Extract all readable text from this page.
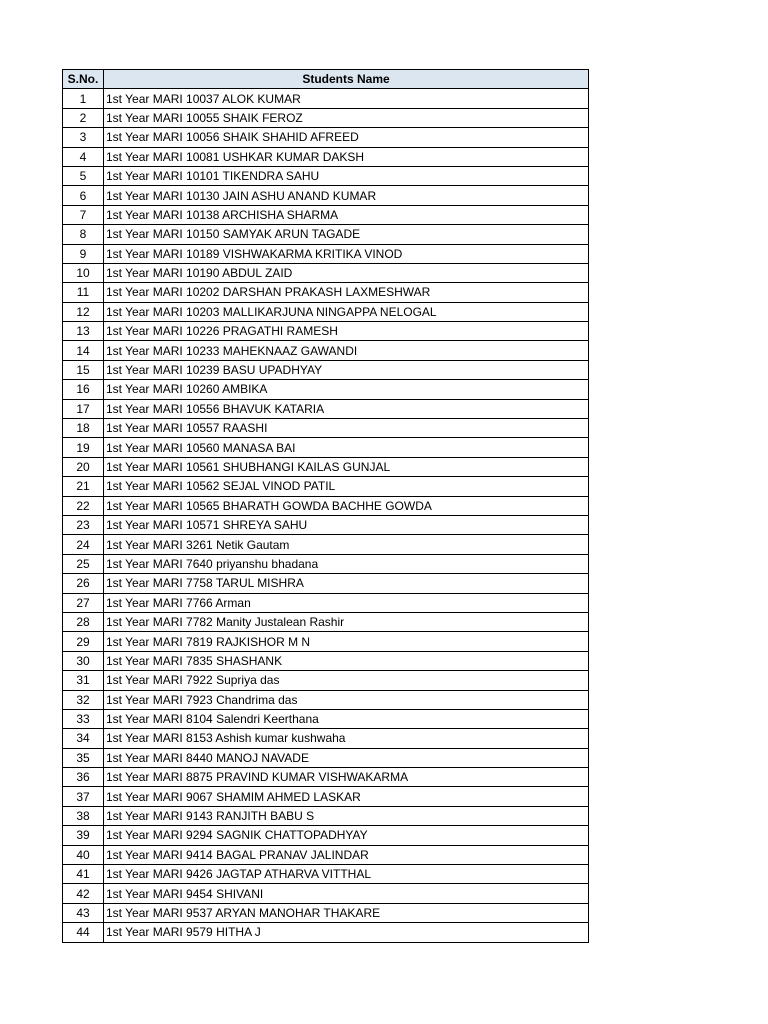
S.No.	Students Name
1	1st Year MARI 10037 ALOK KUMAR
2	1st Year MARI 10055 SHAIK FEROZ
3	1st Year MARI 10056 SHAIK SHAHID AFREED
4	1st Year MARI 10081 USHKAR KUMAR DAKSH
5	1st Year MARI 10101 TIKENDRA SAHU
6	1st Year MARI 10130 JAIN ASHU ANAND KUMAR
7	1st Year MARI 10138 ARCHISHA SHARMA
8	1st Year MARI 10150 SAMYAK ARUN TAGADE
9	1st Year MARI 10189 VISHWAKARMA KRITIKA VINOD
10	1st Year MARI 10190 ABDUL ZAID
11	1st Year MARI 10202 DARSHAN PRAKASH LAXMESHWAR
12	1st Year MARI 10203 MALLIKARJUNA NINGAPPA NELOGAL
13	1st Year MARI 10226 PRAGATHI RAMESH
14	1st Year MARI 10233 MAHEKNAAZ GAWANDI
15	1st Year MARI 10239 BASU UPADHYAY
16	1st Year MARI 10260 AMBIKA
17	1st Year MARI 10556 BHAVUK KATARIA
18	1st Year MARI 10557 RAASHI
19	1st Year MARI 10560 MANASA BAI
20	1st Year MARI 10561 SHUBHANGI KAILAS GUNJAL
21	1st Year MARI 10562 SEJAL VINOD PATIL
22	1st Year MARI 10565 BHARATH GOWDA BACHHE GOWDA
23	1st Year MARI 10571 SHREYA SAHU
24	1st Year MARI 3261 Netik Gautam
25	1st Year MARI 7640 priyanshu bhadana
26	1st Year MARI 7758 TARUL MISHRA
27	1st Year MARI 7766 Arman
28	1st Year MARI 7782 Manity Justalean Rashir
29	1st Year MARI 7819 RAJKISHOR M N
30	1st Year MARI 7835 SHASHANK
31	1st Year MARI 7922 Supriya das
32	1st Year MARI 7923 Chandrima das
33	1st Year MARI 8104 Salendri Keerthana
34	1st Year MARI 8153 Ashish kumar kushwaha
35	1st Year MARI 8440 MANOJ NAVADE
36	1st Year MARI 8875 PRAVIND KUMAR VISHWAKARMA
37	1st Year MARI 9067 SHAMIM AHMED LASKAR
38	1st Year MARI 9143 RANJITH BABU S
39	1st Year MARI 9294 SAGNIK CHATTOPADHYAY
40	1st Year MARI 9414 BAGAL PRANAV JALINDAR
41	1st Year MARI 9426 JAGTAP ATHARVA VITTHAL
42	1st Year MARI 9454 SHIVANI
43	1st Year MARI 9537 ARYAN MANOHAR THAKARE
44	1st Year MARI 9579 HITHA J
